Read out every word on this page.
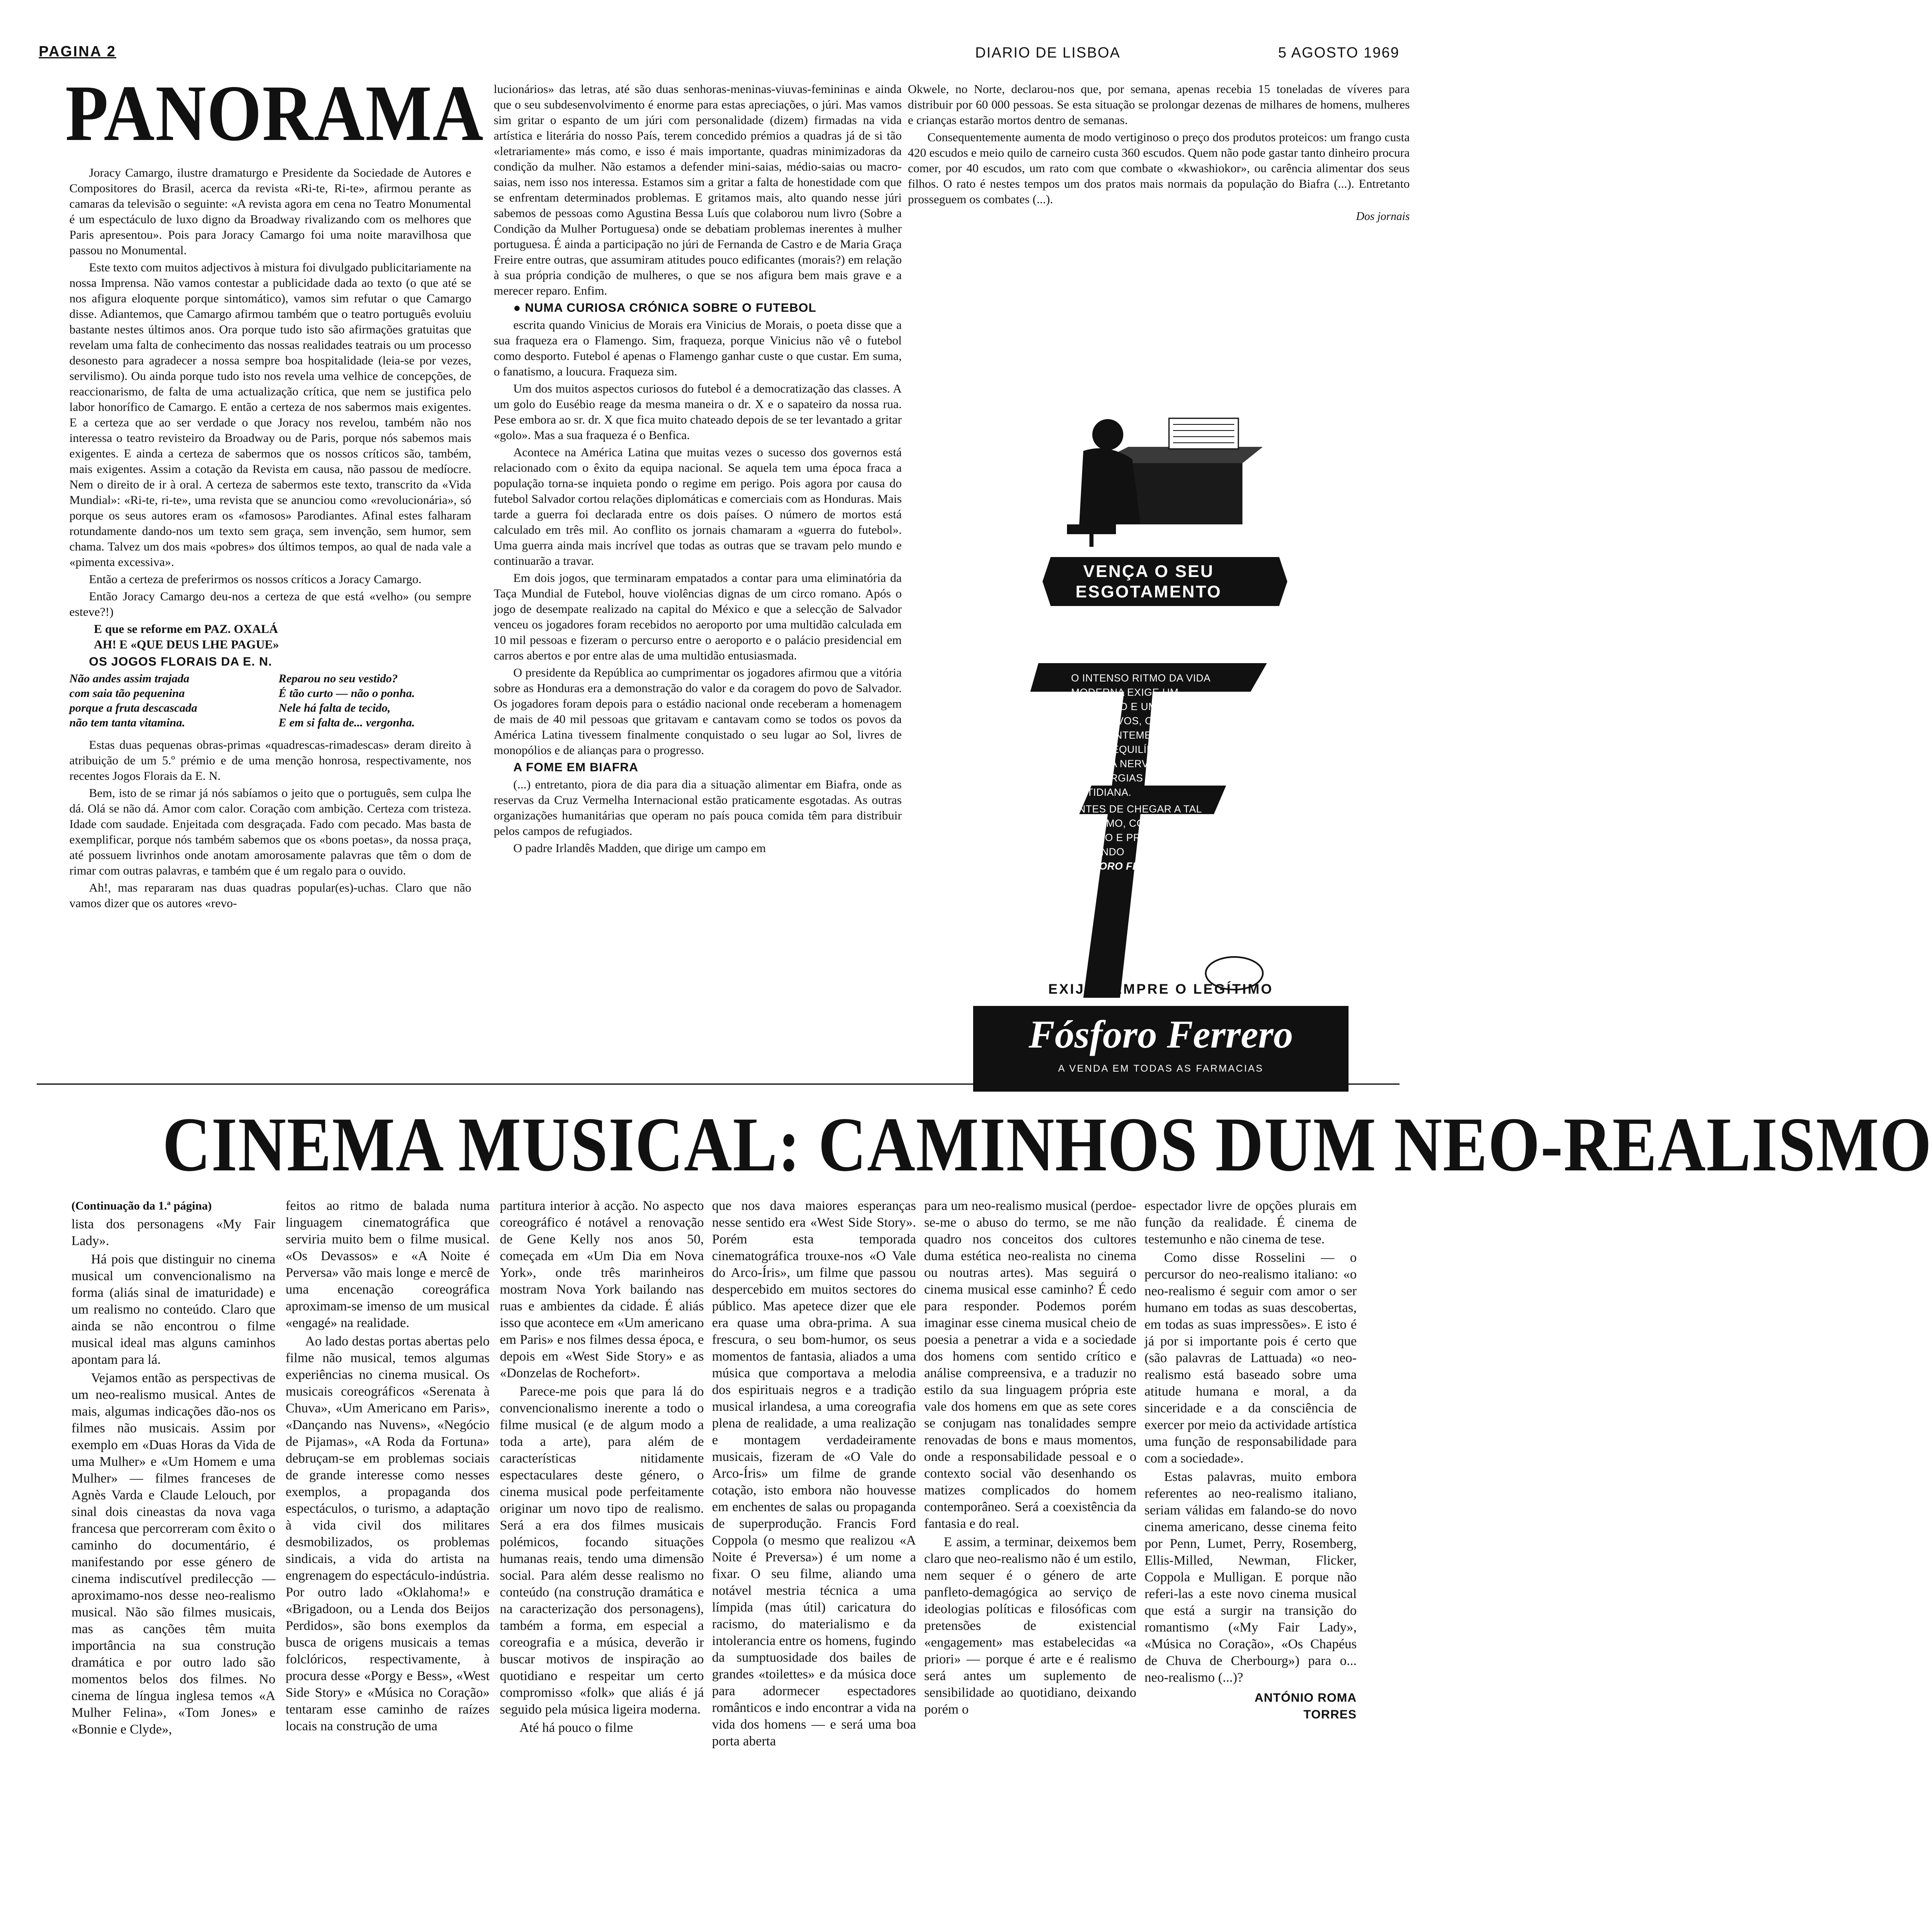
PAGINA 2	DIARIO DE LISBOA	5 AGOSTO 1969
PANORAMA

Joracy Camargo, ilustre dramaturgo e Presidente da Sociedade de Autores e Compositores do Brasil, acerca da revista «Ri-te, Ri-te», afirmou perante as camaras da televisão o seguinte: «A revista agora em cena no Teatro Monumental é um espectáculo de luxo digno da Broadway rivalizando com os melhores que Paris apresentou». Pois para Joracy Camargo foi uma noite maravilhosa que passou no Monumental.

Este texto com muitos adjectivos à mistura foi divulgado publicitariamente na nossa Imprensa. Não vamos contestar a publicidade dada ao texto (o que até se nos afigura eloquente porque sintomático), vamos sim refutar o que Camargo disse. Adiantemos, que Camargo afirmou também que o teatro português evoluiu bastante nestes últimos anos. Ora porque tudo isto são afirmações gratuitas que revelam uma falta de conhecimento das nossas realidades teatrais ou um processo desonesto para agradecer a nossa sempre boa hospitalidade (leia-se por vezes, servilismo). Ou ainda porque tudo isto nos revela uma velhice de concepções, de reaccionarismo, de falta de uma actualização crítica, que nem se justifica pelo labor honorífico de Camargo. E então a certeza de nos sabermos mais exigentes. E a certeza que ao ser verdade o que Joracy nos revelou, também não nos interessa o teatro revisteiro da Broadway ou de Paris, porque nós sabemos mais exigentes. E ainda a certeza de sabermos que os nossos críticos são, também, mais exigentes. Assim a cotação da Revista em causa, não passou de medíocre. Nem o direito de ir à oral. A certeza de sabermos este texto, transcrito da «Vida Mundial»: «Ri-te, ri-te», uma revista que se anunciou como «revolucionária», só porque os seus autores eram os «famosos» Parodiantes. Afinal estes falharam rotundamente dando-nos um texto sem graça, sem invenção, sem humor, sem chama. Talvez um dos mais «pobres» dos últimos tempos, ao qual de nada vale a «pimenta excessiva».

Então a certeza de preferirmos os nossos críticos a Joracy Camargo.

Então Joracy Camargo deu-nos a certeza de que está «velho» (ou sempre esteve?!)

E que se reforme em PAZ. OXALÁ

AH! E «QUE DEUS LHE PAGUE»

OS JOGOS FLORAIS DA E. N.

Não andes assim trajada
com saia tão pequenina
porque a fruta descascada
não tem tanta vitamina.
Reparou no seu vestido?
É tão curto — não o ponha.
Nele há falta de tecido,
E em si falta de... vergonha.

Estas duas pequenas obras-primas «quadrescas-rimadescas» deram direito à atribuição de um 5.º prémio e de uma menção honrosa, respectivamente, nos recentes Jogos Florais da E. N.

Bem, isto de se rimar já nós sabíamos o jeito que o português, sem culpa lhe dá. Olá se não dá. Amor com calor. Coração com ambição. Certeza com tristeza. Idade com saudade. Enjeitada com desgraçada. Fado com pecado. Mas basta de exemplificar, porque nós também sabemos que os «bons poetas», da nossa praça, até possuem livrinhos onde anotam amorosamente palavras que têm o dom de rimar com outras palavras, e também que é um regalo para o ouvido.

Ah!, mas repararam nas duas quadras popular(es)-uchas. Claro que não vamos dizer que os autores «revo-

lucionários» das letras, até são duas senhoras-meninas-viuvas-femininas e ainda que o seu subdesenvolvimento é enorme para estas apreciações, o júri. Mas vamos sim gritar o espanto de um júri com personalidade (dizem) firmadas na vida artística e literária do nosso País, terem concedido prémios a quadras já de si tão «letrariamente» más como, e isso é mais importante, quadras minimizadoras da condição da mulher. Não estamos a defender mini-saias, médio-saias ou macro-saias, nem isso nos interessa. Estamos sim a gritar a falta de honestidade com que se enfrentam determinados problemas. E gritamos mais, alto quando nesse júri sabemos de pessoas como Agustina Bessa Luís que colaborou num livro (Sobre a Condição da Mulher Portuguesa) onde se debatiam problemas inerentes à mulher portuguesa. É ainda a participação no júri de Fernanda de Castro e de Maria Graça Freire entre outras, que assumiram atitudes pouco edificantes (morais?) em relação à sua própria condição de mulheres, o que se nos afigura bem mais grave e a merecer reparo. Enfim.

● NUMA CURIOSA CRÓNICA SOBRE O FUTEBOL

escrita quando Vinicius de Morais era Vinicius de Morais, o poeta disse que a sua fraqueza era o Flamengo. Sim, fraqueza, porque Vinicius não vê o futebol como desporto. Futebol é apenas o Flamengo ganhar custe o que custar. Em suma, o fanatismo, a loucura. Fraqueza sim.

Um dos muitos aspectos curiosos do futebol é a democratização das classes. A um golo do Eusébio reage da mesma maneira o dr. X e o sapateiro da nossa rua. Pese embora ao sr. dr. X que fica muito chateado depois de se ter levantado a gritar «golo». Mas a sua fraqueza é o Benfica.

Acontece na América Latina que muitas vezes o sucesso dos governos está relacionado com o êxito da equipa nacional. Se aquela tem uma época fraca a população torna-se inquieta pondo o regime em perigo. Pois agora por causa do futebol Salvador cortou relações diplomáticas e comerciais com as Honduras. Mais tarde a guerra foi declarada entre os dois países. O número de mortos está calculado em três mil. Ao conflito os jornais chamaram a «guerra do futebol». Uma guerra ainda mais incrível que todas as outras que se travam pelo mundo e continuarão a travar.

Em dois jogos, que terminaram empatados a contar para uma eliminatória da Taça Mundial de Futebol, houve violências dignas de um circo romano. Após o jogo de desempate realizado na capital do México e que a selecção de Salvador venceu os jogadores foram recebidos no aeroporto por uma multidão calculada em 10 mil pessoas e fizeram o percurso entre o aeroporto e o palácio presidencial em carros abertos e por entre alas de uma multidão entusiasmada.

O presidente da República ao cumprimentar os jogadores afirmou que a vitória sobre as Honduras era a demonstração do valor e da coragem do povo de Salvador. Os jogadores foram depois para o estádio nacional onde receberam a homenagem de mais de 40 mil pessoas que gritavam e cantavam como se todos os povos da América Latina tivessem finalmente conquistado o seu lugar ao Sol, livres de monopólios e de alianças para o progresso.

A FOME EM BIAFRA

(...) entretanto, piora de dia para dia a situação alimentar em Biafra, onde as reservas da Cruz Vermelha Internacional estão praticamente esgotadas. As outras organizações humanitárias que operam no país pouca comida têm para distribuir pelos campos de refugiados.

O padre Irlandês Madden, que dirige um campo em

Okwele, no Norte, declarou-nos que, por semana, apenas recebia 15 toneladas de víveres para distribuir por 60 000 pessoas. Se esta situação se prolongar dezenas de milhares de homens, mulheres e crianças estarão mortos dentro de semanas.

Consequentemente aumenta de modo vertiginoso o preço dos produtos proteicos: um frango custa 420 escudos e meio quilo de carneiro custa 360 escudos. Quem não pode gastar tanto dinheiro procura comer, por 40 escudos, um rato com que combate o «kwashiokor», ou carência alimentar dos seus filhos. O rato é nestes tempos um dos pratos mais normais da população do Biafra (...). Entretanto prosseguem os combates (...).

Dos jornais

VENÇA O SEU
ESGOTAMENTO
O INTENSO RITMO DA VIDA MODERNA EXIGE UM TRABALHO E UM ESFORÇO EXCESSIVOS, O QUE FREQUENTEMENTE ORIGINA UM DESEQUILÍBRIO DO SISTEMA NERVOSO E A FALTA DE ENERGIAS PARA A LUTA COTIDIANA.
ANTES DE CHEGAR A TAL EXTREMO, CONSULTE O SEU MÉDICO E PREVINA-SE, TOMANDO
FÓSFORO FERRERO.
EXIJA SEMPRE O LEGÍTIMO
Fósforo Ferrero
A VENDA EM TODAS AS FARMACIAS
CINEMA MUSICAL: CAMINHOS DUM NEO-REALISMO

(Continuação da 1.ª página)

lista dos personagens «My Fair Lady».

Há pois que distinguir no cinema musical um convencionalismo na forma (aliás sinal de imaturidade) e um realismo no conteúdo. Claro que ainda se não encontrou o filme musical ideal mas alguns caminhos apontam para lá.

Vejamos então as perspectivas de um neo-realismo musical. Antes de mais, algumas indicações dão-nos os filmes não musicais. Assim por exemplo em «Duas Horas da Vida de uma Mulher» e «Um Homem e uma Mulher» — filmes franceses de Agnès Varda e Claude Lelouch, por sinal dois cineastas da nova vaga francesa que percorreram com êxito o caminho do documentário, é manifestando por esse género de cinema indiscutível predilecção — aproximamo-nos desse neo-realismo musical. Não são filmes musicais, mas as canções têm muita importância na sua construção dramática e por outro lado são momentos belos dos filmes. No cinema de língua inglesa temos «A Mulher Felina», «Tom Jones» e «Bonnie e Clyde»,

feitos ao ritmo de balada numa linguagem cinematográfica que serviria muito bem o filme musical. «Os Devassos» e «A Noite é Perversa» vão mais longe e mercê de uma encenação coreográfica aproximam-se imenso de um musical «engagé» na realidade.

Ao lado destas portas abertas pelo filme não musical, temos algumas experiências no cinema musical. Os musicais coreográficos «Serenata à Chuva», «Um Americano em Paris», «Dançando nas Nuvens», «Negócio de Pijamas», «A Roda da Fortuna» debruçam-se em problemas sociais de grande interesse como nesses exemplos, a propaganda dos espectáculos, o turismo, a adaptação à vida civil dos militares desmobilizados, os problemas sindicais, a vida do artista na engrenagem do espectáculo-indústria. Por outro lado «Oklahoma!» e «Brigadoon, ou a Lenda dos Beijos Perdidos», são bons exemplos da busca de origens musicais a temas folclóricos, respectivamente, à procura desse «Porgy e Bess», «West Side Story» e «Música no Coração» tentaram esse caminho de raízes locais na construção de uma

partitura interior à acção. No aspecto coreográfico é notável a renovação de Gene Kelly nos anos 50, começada em «Um Dia em Nova York», onde três marinheiros mostram Nova York bailando nas ruas e ambientes da cidade. É aliás isso que acontece em «Um americano em Paris» e nos filmes dessa época, e depois em «West Side Story» e as «Donzelas de Rochefort».

Parece-me pois que para lá do convencionalismo inerente a todo o filme musical (e de algum modo a toda a arte), para além de características nitidamente espectaculares deste género, o cinema musical pode perfeitamente originar um novo tipo de realismo. Será a era dos filmes musicais polémicos, focando situações humanas reais, tendo uma dimensão social. Para além desse realismo no conteúdo (na construção dramática e na caracterização dos personagens), também a forma, em especial a coreografia e a música, deverão ir buscar motivos de inspiração ao quotidiano e respeitar um certo compromisso «folk» que aliás é já seguido pela música ligeira moderna.

Até há pouco o filme

que nos dava maiores esperanças nesse sentido era «West Side Story». Porém esta temporada cinematográfica trouxe-nos «O Vale do Arco-Íris», um filme que passou despercebido em muitos sectores do público. Mas apetece dizer que ele era quase uma obra-prima. A sua frescura, o seu bom-humor, os seus momentos de fantasia, aliados a uma música que comportava a melodia dos espirituais negros e a tradição musical irlandesa, a uma coreografia plena de realidade, a uma realização e montagem verdadeiramente musicais, fizeram de «O Vale do Arco-Íris» um filme de grande cotação, isto embora não houvesse em enchentes de salas ou propaganda de superprodução. Francis Ford Coppola (o mesmo que realizou «A Noite é Preversa») é um nome a fixar. O seu filme, aliando uma notável mestria técnica a uma límpida (mas útil) caricatura do racismo, do materialismo e da intolerancia entre os homens, fugindo da sumptuosidade dos bailes de grandes «toilettes» e da música doce para adormecer espectadores românticos e indo encontrar a vida na vida dos homens — e será uma boa porta aberta

para um neo-realismo musical (perdoe-se-me o abuso do termo, se me não quadro nos conceitos dos cultores duma estética neo-realista no cinema ou noutras artes). Mas seguirá o cinema musical esse caminho? É cedo para responder. Podemos porém imaginar esse cinema musical cheio de poesia a penetrar a vida e a sociedade dos homens com sentido crítico e análise compreensiva, e a traduzir no estilo da sua linguagem própria este vale dos homens em que as sete cores se conjugam nas tonalidades sempre renovadas de bons e maus momentos, onde a responsabilidade pessoal e o contexto social vão desenhando os matizes complicados do homem contemporâneo. Será a coexistência da fantasia e do real.

E assim, a terminar, deixemos bem claro que neo-realismo não é um estilo, nem sequer é o género de arte panfleto-demagógica ao serviço de ideologias políticas e filosóficas com pretensões de existencial «engagement» mas estabelecidas «a priori» — porque é arte e é realismo será antes um suplemento de sensibilidade ao quotidiano, deixando porém o

espectador livre de opções plurais em função da realidade. É cinema de testemunho e não cinema de tese.

Como disse Rosselini — o percursor do neo-realismo italiano: «o neo-realismo é seguir com amor o ser humano em todas as suas descobertas, em todas as suas impressões». E isto é já por si importante pois é certo que (são palavras de Lattuada) «o neo-realismo está baseado sobre uma atitude humana e moral, a da sinceridade e a da consciência de exercer por meio da actividade artística uma função de responsabilidade para com a sociedade».

Estas palavras, muito embora referentes ao neo-realismo italiano, seriam válidas em falando-se do novo cinema americano, desse cinema feito por Penn, Lumet, Perry, Rosemberg, Ellis-Milled, Newman, Flicker, Coppola e Mulligan. E porque não referi-las a este novo cinema musical que está a surgir na transição do romantismo («My Fair Lady», «Música no Coração», «Os Chapéus de Chuva de Cherbourg») para o... neo-realismo (...)?

ANTÓNIO ROMA
TORRES
